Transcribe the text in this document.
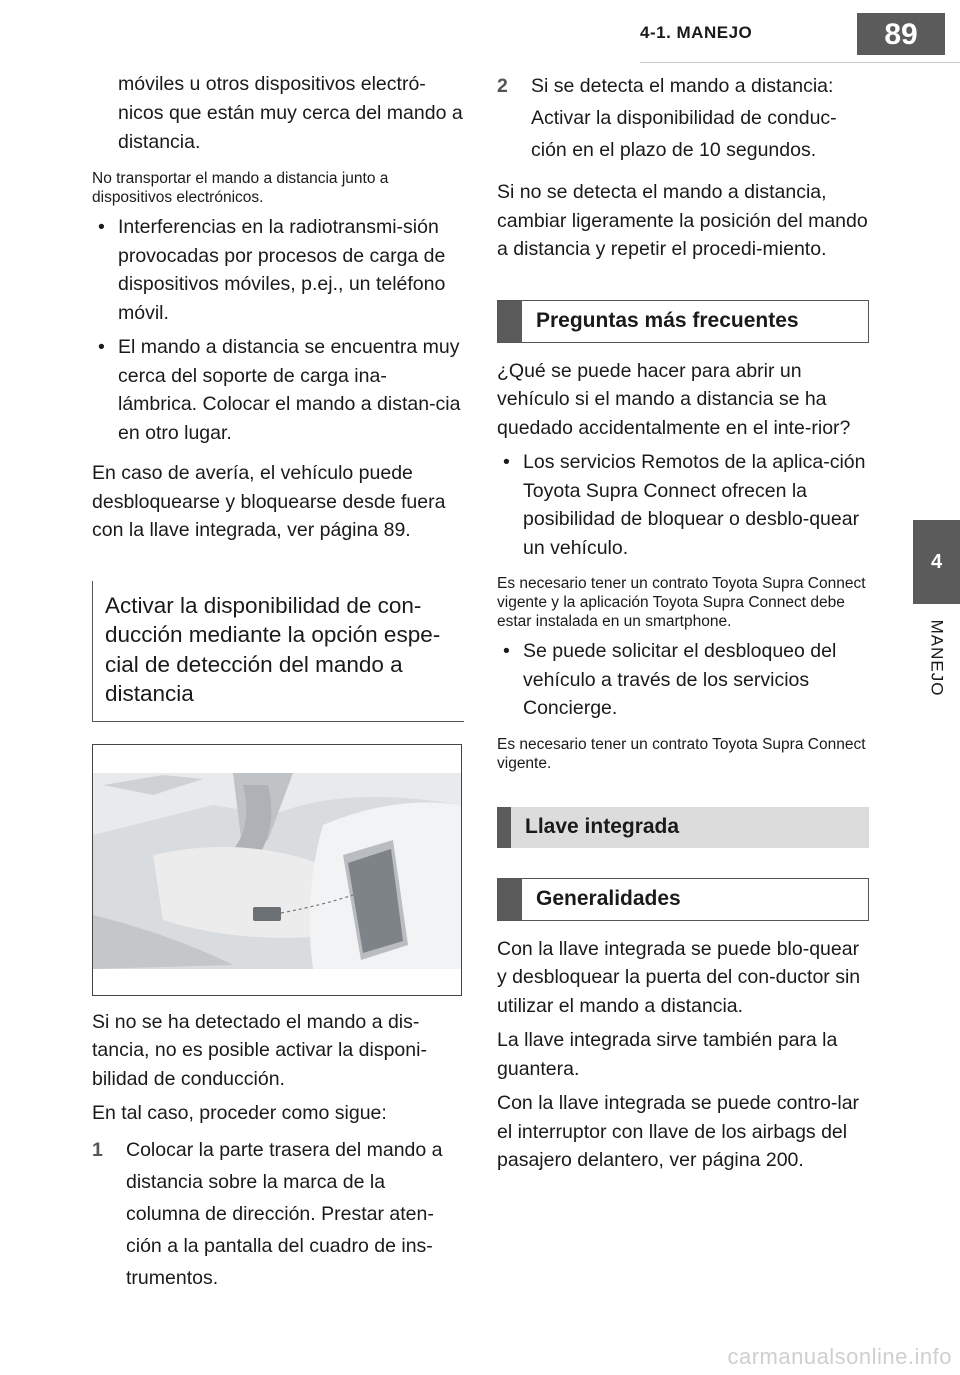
4-1. MANEJO	89
4
MANEJO

móviles u otros dispositivos electró-nicos que están muy cerca del mando a distancia.

No transportar el mando a distancia junto a dispositivos electrónicos.

• Interferencias en la radiotransmi-sión provocadas por procesos de carga de dispositivos móviles, p.ej., un teléfono móvil.

• El mando a distancia se encuentra muy cerca del soporte de carga ina-lámbrica. Colocar el mando a distan-cia en otro lugar.

En caso de avería, el vehículo puede desbloquearse y bloquearse desde fuera con la llave integrada, ver página 89.

Activar la disponibilidad de con-ducción mediante la opción espe-cial de detección del mando a distancia

Si no se ha detectado el mando a dis-tancia, no es posible activar la disponi-bilidad de conducción.

En tal caso, proceder como sigue:

1 Colocar la parte trasera del mando a distancia sobre la marca de la columna de dirección. Prestar aten-ción a la pantalla del cuadro de ins-trumentos.

2 Si se detecta el mando a distancia: Activar la disponibilidad de conduc-ción en el plazo de 10 segundos.

Si no se detecta el mando a distancia, cambiar ligeramente la posición del mando a distancia y repetir el procedi-miento.

Preguntas más frecuentes

¿Qué se puede hacer para abrir un vehículo si el mando a distancia se ha quedado accidentalmente en el inte-rior?

• Los servicios Remotos de la aplica-ción Toyota Supra Connect ofrecen la posibilidad de bloquear o desblo-quear un vehículo.

Es necesario tener un contrato Toyota Supra Connect vigente y la aplicación Toyota Supra Connect debe estar instalada en un smartphone.

• Se puede solicitar el desbloqueo del vehículo a través de los servicios Concierge.

Es necesario tener un contrato Toyota Supra Connect vigente.

Llave integrada
Generalidades

Con la llave integrada se puede blo-quear y desbloquear la puerta del con-ductor sin utilizar el mando a distancia.

La llave integrada sirve también para la guantera.

Con la llave integrada se puede contro-lar el interruptor con llave de los airbags del pasajero delantero, ver página 200.

carmanualsonline.info
